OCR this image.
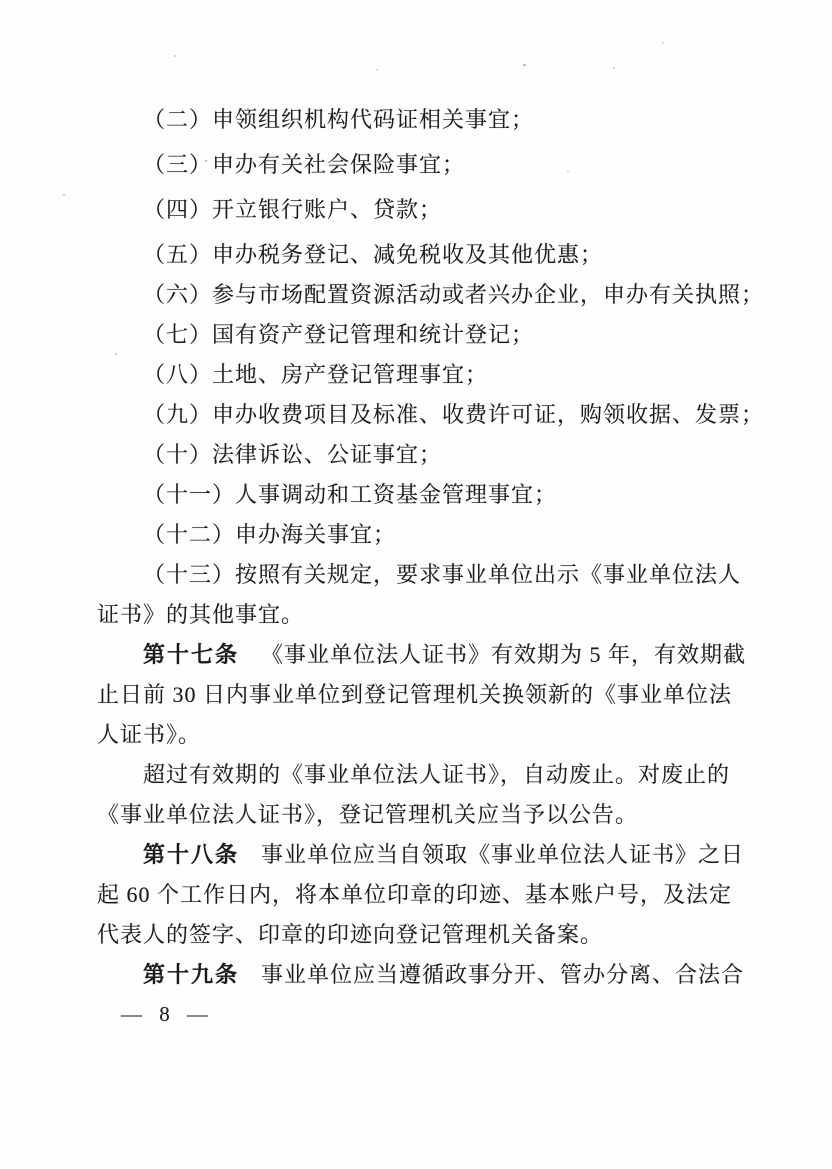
（二）申领组织机构代码证相关事宜；
（三）申办有关社会保险事宜；
（四）开立银行账户、贷款；
（五）申办税务登记、减免税收及其他优惠；
（六）参与市场配置资源活动或者兴办企业，申办有关执照；
（七）国有资产登记管理和统计登记；
（八）土地、房产登记管理事宜；
（九）申办收费项目及标准、收费许可证，购领收据、发票；
（十）法律诉讼、公证事宜；
（十一）人事调动和工资基金管理事宜；
（十二）申办海关事宜；
（十三）按照有关规定，要求事业单位出示《事业单位法人
证书》的其他事宜。
第十七条 《事业单位法人证书》有效期为 5 年，有效期截
止日前 30 日内事业单位到登记管理机关换领新的《事业单位法
人证书》。
超过有效期的《事业单位法人证书》，自动废止。对废止的
《事业单位法人证书》，登记管理机关应当予以公告。
第十八条 事业单位应当自领取《事业单位法人证书》之日
起 60 个工作日内，将本单位印章的印迹、基本账户号，及法定
代表人的签字、印章的印迹向登记管理机关备案。
第十九条 事业单位应当遵循政事分开、管办分离、合法合
— 8 —
